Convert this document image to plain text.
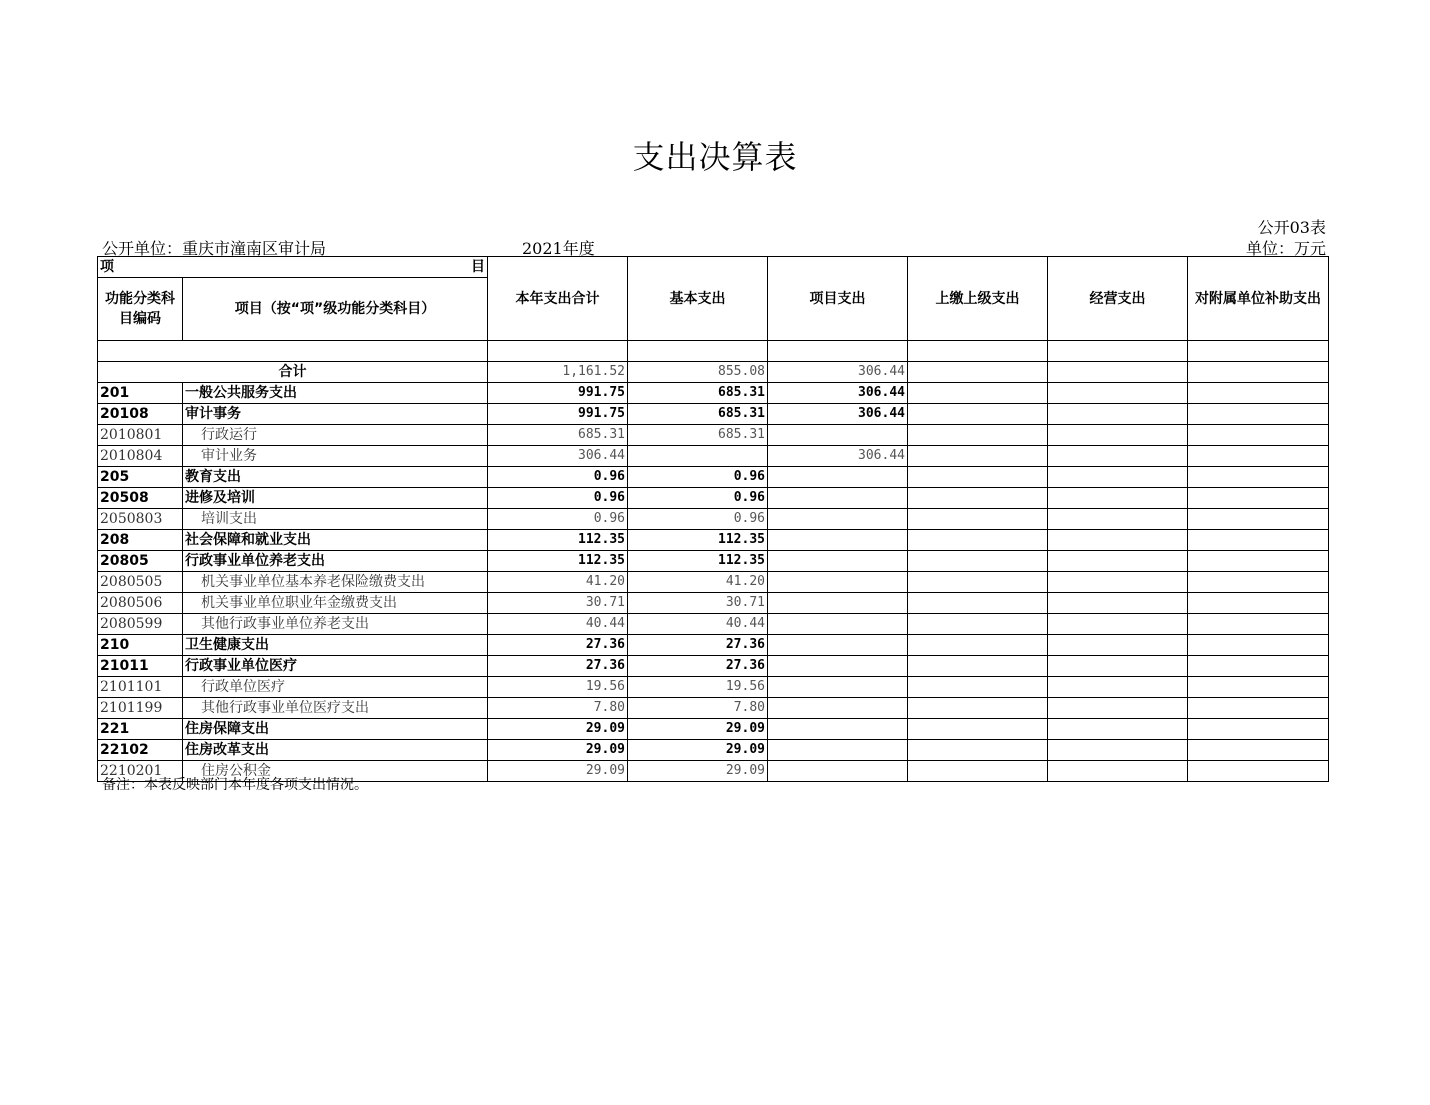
支出决算表
公开03表
公开单位：重庆市潼南区审计局	2021年度	单位：万元
项 目		本年支出合计	基本支出	项目支出	上缴上级支出	经营支出	对附属单位补助支出
功能分类科目编码	项目（按“项”级功能分类科目）						

合计		1,161.52	855.08	306.44			
201	一般公共服务支出	991.75	685.31	306.44			
20108	审计事务	991.75	685.31	306.44			
2010801	行政运行	685.31	685.31				
2010804	审计业务	306.44		306.44			
205	教育支出	0.96	0.96				
20508	进修及培训	0.96	0.96				
2050803	培训支出	0.96	0.96				
208	社会保障和就业支出	112.35	112.35				
20805	行政事业单位养老支出	112.35	112.35				
2080505	机关事业单位基本养老保险缴费支出	41.20	41.20				
2080506	机关事业单位职业年金缴费支出	30.71	30.71				
2080599	其他行政事业单位养老支出	40.44	40.44				
210	卫生健康支出	27.36	27.36				
21011	行政事业单位医疗	27.36	27.36				
2101101	行政单位医疗	19.56	19.56				
2101199	其他行政事业单位医疗支出	7.80	7.80				
221	住房保障支出	29.09	29.09				
22102	住房改革支出	29.09	29.09				
2210201	住房公积金	29.09	29.09				
备注：本表反映部门本年度各项支出情况。
